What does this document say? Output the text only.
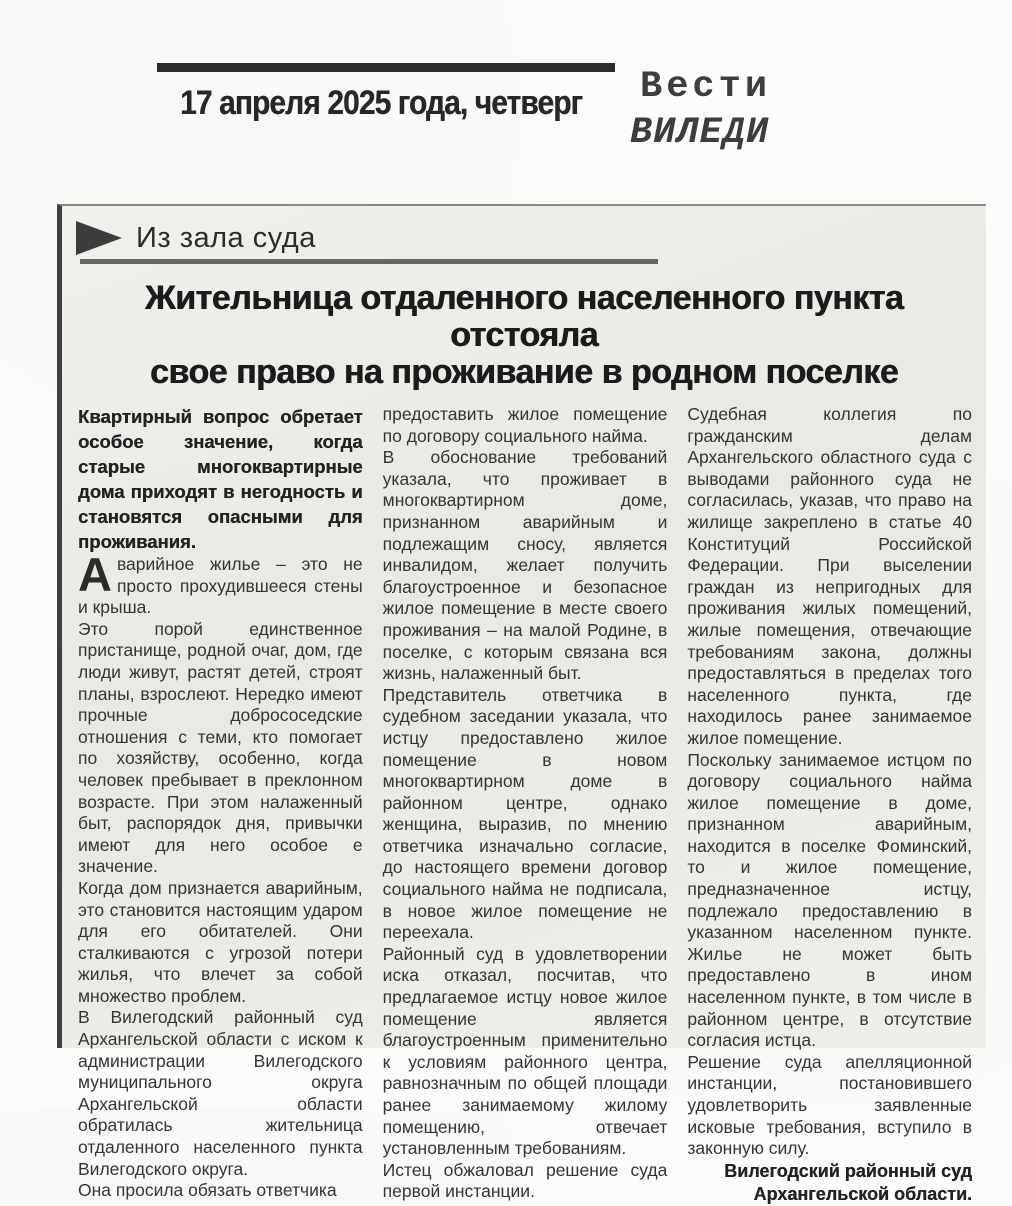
17 апреля 2025 года, четверг Вести
ВИЛЕДИ
Из зала суда
Жительница отдаленного населенного пункта отстояла
свое право на проживание в родном поселке

Квартирный вопрос обретает особое значение, когда старые многоквартирные дома приходят в негодность и становятся опасными для проживания.

Аварийное жилье – это не просто прохудившееся стены и крыша.

Это порой единственное пристанище, родной очаг, дом, где люди живут, растят детей, строят планы, взрослеют. Нередко имеют прочные добрососедские отношения с теми, кто помогает по хозяйству, особенно, когда человек пребывает в преклонном возрасте. При этом налаженный быт, распорядок дня, привычки имеют для него особое е значение.

Когда дом признается аварийным, это становится настоящим ударом для его обитателей. Они сталкиваются с угрозой потери жилья, что влечет за собой множество проблем.

В Вилегодский районный суд Архангельской области с иском к администрации Вилегодского муниципального округа Архангельской области обратилась жительница отдаленного населенного пункта Вилегодского округа.

Она просила обязать ответчика

предоставить жилое помещение по договору социального найма.

В обоснование требований указала, что проживает в многоквартирном доме, признанном аварийным и подлежащим сносу, является инвалидом, желает получить благоустроенное и безопасное жилое помещение в месте своего проживания – на малой Родине, в поселке, с которым связана вся жизнь, налаженный быт.

Представитель ответчика в судебном заседании указала, что истцу предоставлено жилое помещение в новом многоквартирном доме в районном центре, однако женщина, выразив, по мнению ответчика изначально согласие, до настоящего времени договор социального найма не подписала, в новое жилое помещение не переехала.

Районный суд в удовлетворении иска отказал, посчитав, что предлагаемое истцу новое жилое помещение является благоустроенным применительно к условиям районного центра, равнозначным по общей площади ранее занимаемому жилому помещению, отвечает установленным требованиям.

Истец обжаловал решение суда первой инстанции.

Судебная коллегия по гражданским делам Архангельского областного суда с выводами районного суда не согласилась, указав, что право на жилище закреплено в статье 40 Конституций Российской Федерации. При выселении граждан из непригодных для проживания жилых помещений, жилые помещения, отвечающие требованиям закона, должны предоставляться в пределах того населенного пункта, где находилось ранее занимаемое жилое помещение.

Поскольку занимаемое истцом по договору социального найма жилое помещение в доме, признанном аварийным, находится в поселке Фоминский, то и жилое помещение, предназначенное истцу, подлежало предоставлению в указанном населенном пункте. Жилье не может быть предоставлено в ином населенном пункте, в том числе в районном центре, в отсутствие согласия истца.

Решение суда апелляционной инстанции, постановившего удовлетворить заявленные исковые требования, вступило в законную силу.

Вилегодский районный суд
Архангельской области.
